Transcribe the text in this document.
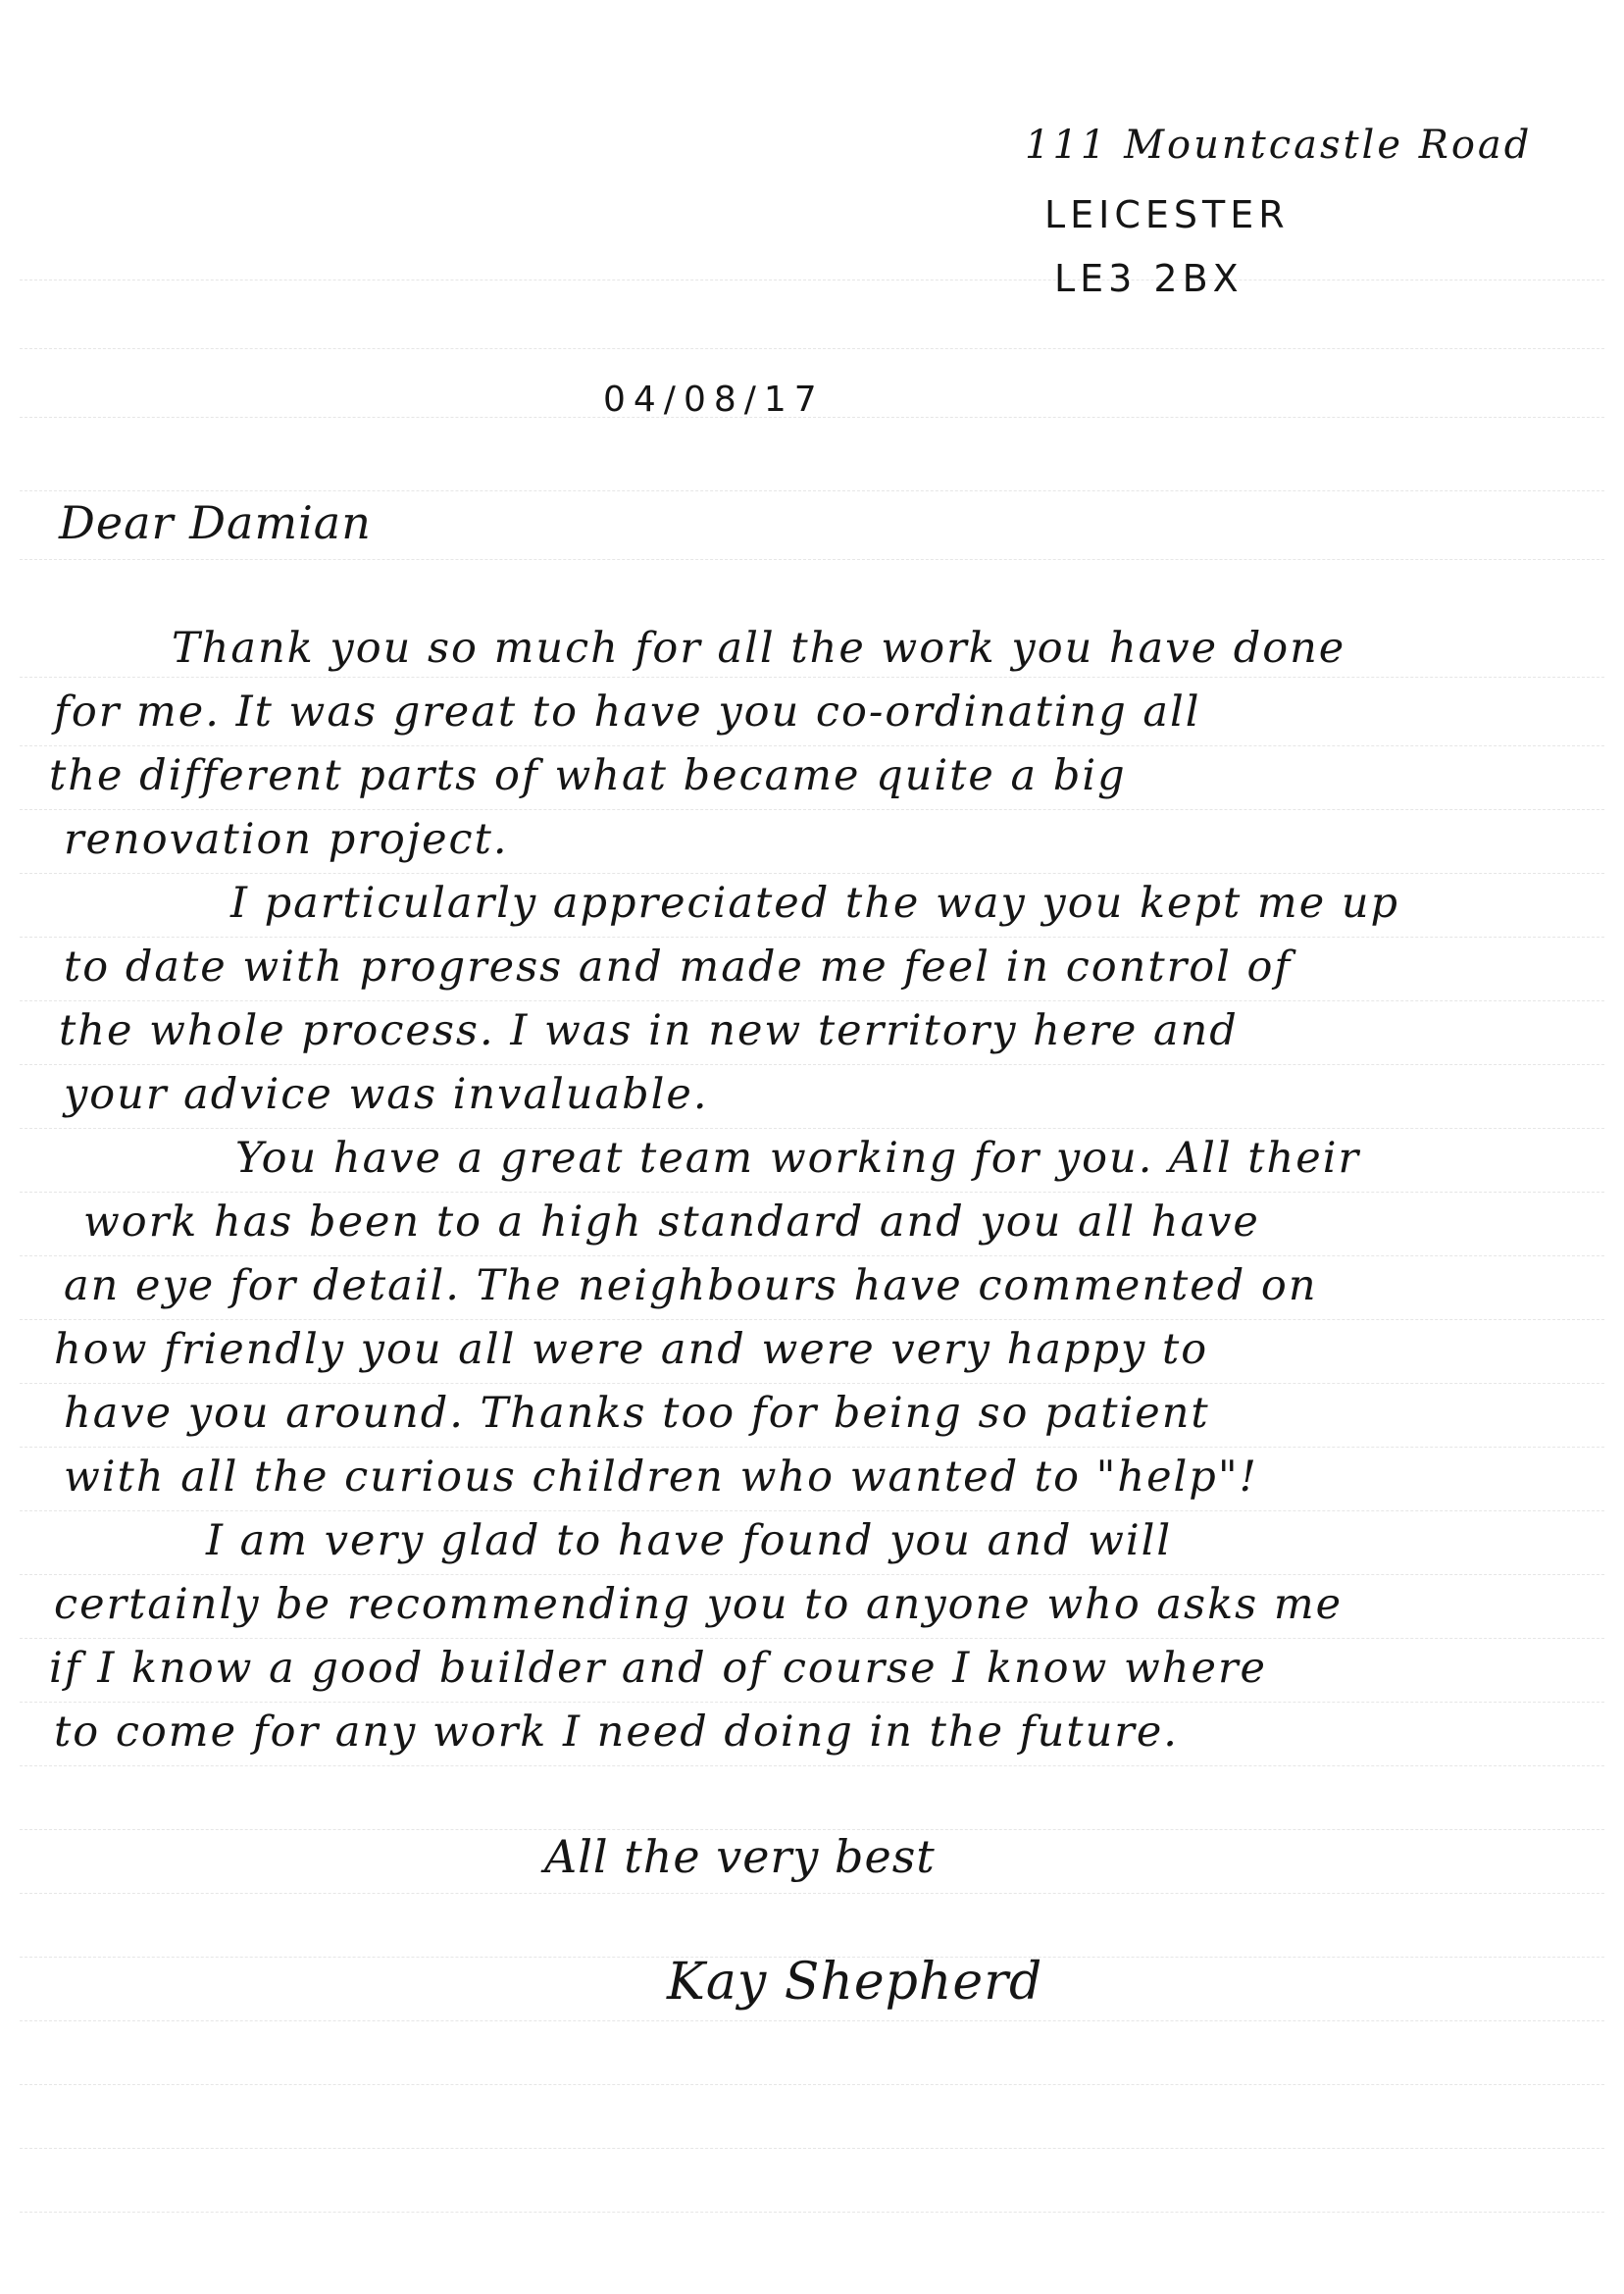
111 Mountcastle Road
LEICESTER
LE3 2BX
04/08/17
Dear Damian
Thank you so much for all the work you have done
for me. It was great to have you co-ordinating all
the different parts of what became quite a big
renovation project.
I particularly appreciated the way you kept me up
to date with progress and made me feel in control of
the whole process. I was in new territory here and
your advice was invaluable.
You have a great team working for you. All their
work has been to a high standard and you all have
an eye for detail. The neighbours have commented on
how friendly you all were and were very happy to
have you around. Thanks too for being so patient
with all the curious children who wanted to "help"!
I am very glad to have found you and will
certainly be recommending you to anyone who asks me
if I know a good builder and of course I know where
to come for any work I need doing in the future.
All the very best
Kay Shepherd
